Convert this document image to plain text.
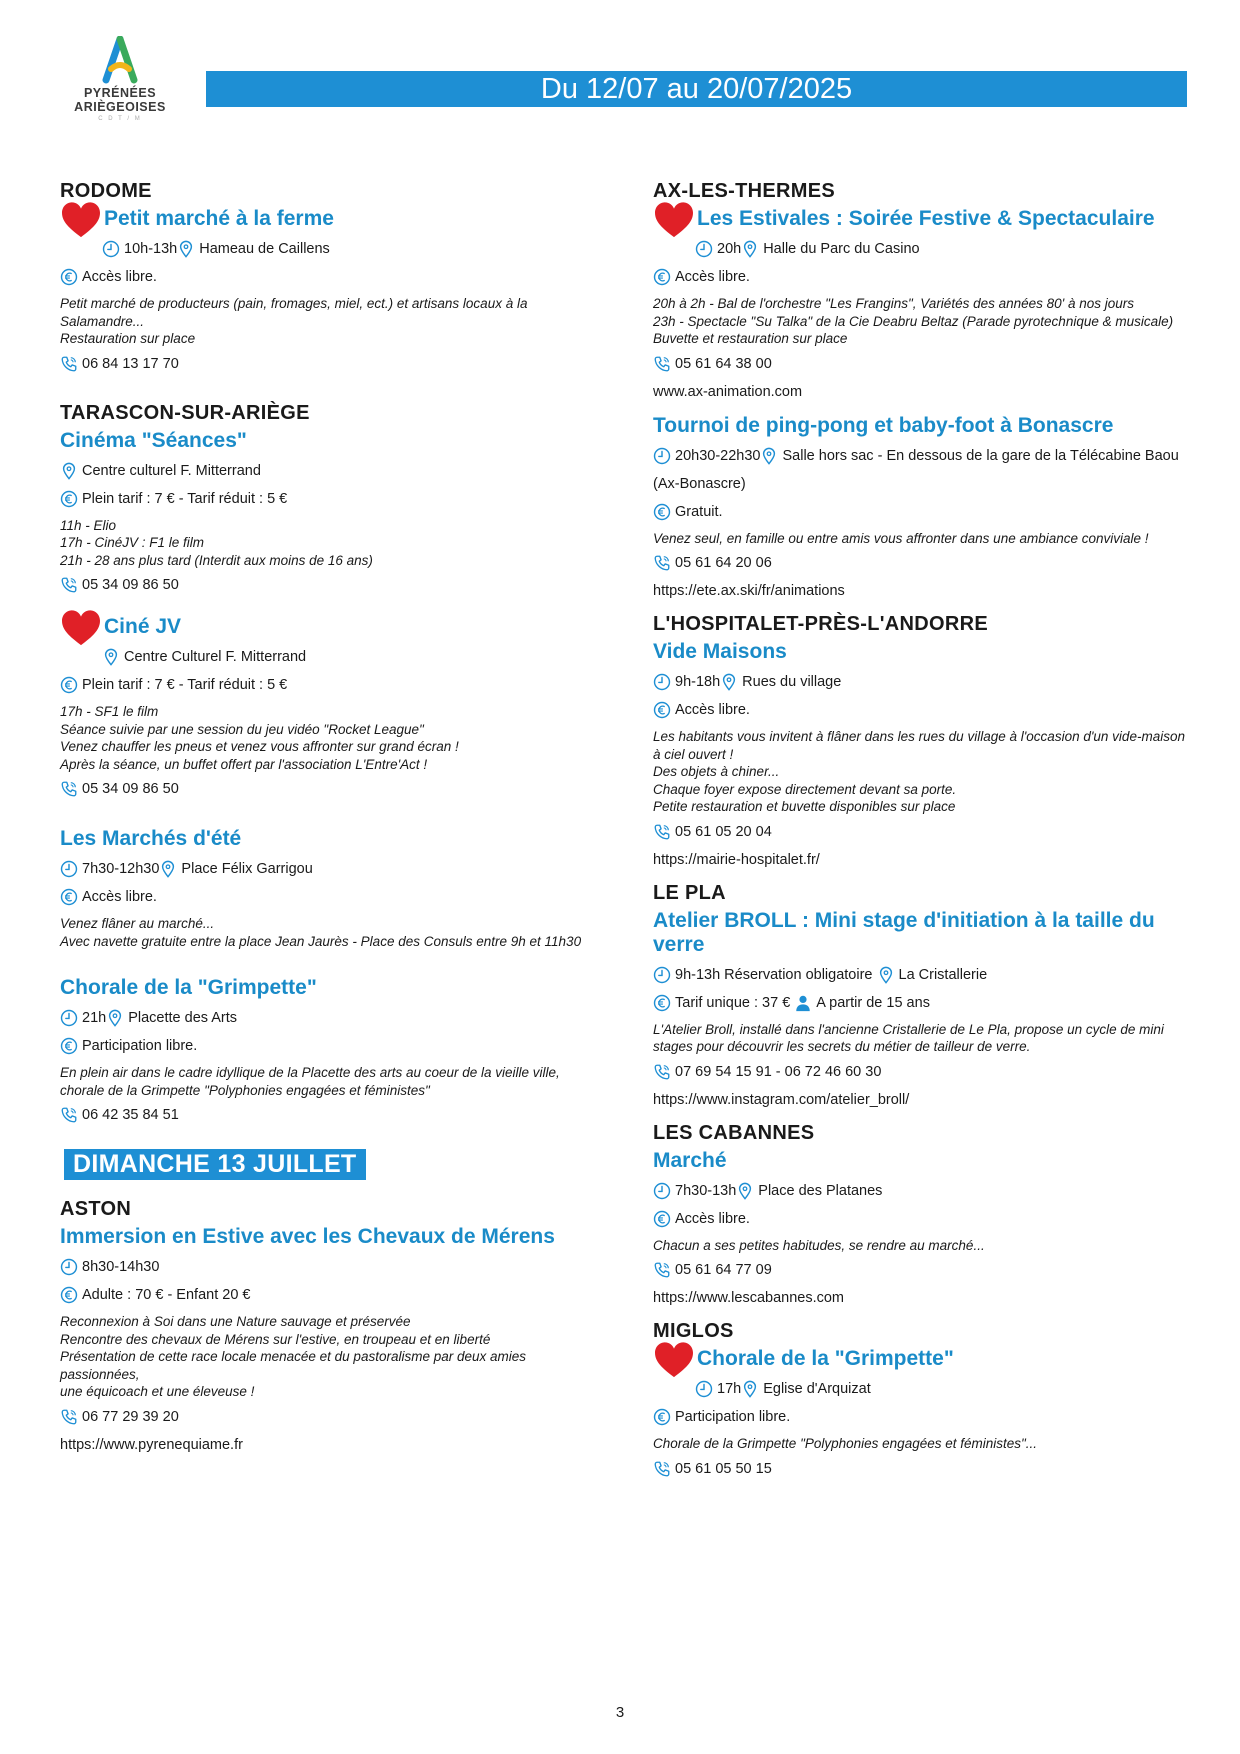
PYRÉNÉES
ARIÈGEOISES
C D T / M
Du 12/07 au 20/07/2025
RODOME
Petit marché à la ferme
10h-13h Hameau de Caillens
Accès libre.
Petit marché de producteurs (pain, fromages, miel, ect.) et artisans locaux à la
Salamandre...
Restauration sur place
06 84 13 17 70
TARASCON-SUR-ARIÈGE
Cinéma "Séances"
Centre culturel F. Mitterrand
Plein tarif : 7 € - Tarif réduit : 5 €
11h - Elio
17h - CinéJV : F1 le film
21h - 28 ans plus tard (Interdit aux moins de 16 ans)
05 34 09 86 50
Ciné JV
Centre Culturel F. Mitterrand
Plein tarif : 7 € - Tarif réduit : 5 €
17h - SF1 le film
Séance suivie par une session du jeu vidéo "Rocket League"
Venez chauffer les pneus et venez vous affronter sur grand écran !
Après la séance, un buffet offert par l'association L'Entre'Act !
05 34 09 86 50
Les Marchés d'été
7h30-12h30 Place Félix Garrigou
Accès libre.
Venez flâner au marché...
Avec navette gratuite entre la place Jean Jaurès - Place des Consuls entre 9h et 11h30
Chorale de la "Grimpette"
21h Placette des Arts
Participation libre.
En plein air dans le cadre idyllique de la Placette des arts au coeur de la vieille ville,
chorale de la Grimpette "Polyphonies engagées et féministes"
06 42 35 84 51
DIMANCHE 13 JUILLET
ASTON
Immersion en Estive avec les Chevaux de Mérens
8h30-14h30
Adulte : 70 € - Enfant 20 €
Reconnexion à Soi dans une Nature sauvage et préservée
Rencontre des chevaux de Mérens sur l'estive, en troupeau et en liberté
Présentation de cette race locale menacée et du pastoralisme par deux amies passionnées,
une équicoach et une éleveuse !
06 77 29 39 20
https://www.pyrenequiame.fr
AX-LES-THERMES
Les Estivales : Soirée Festive & Spectaculaire
20h Halle du Parc du Casino
Accès libre.
20h à 2h - Bal de l'orchestre "Les Frangins", Variétés des années 80' à nos jours
23h - Spectacle "Su Talka" de la Cie Deabru Beltaz (Parade pyrotechnique & musicale)
Buvette et restauration sur place
05 61 64 38 00
www.ax-animation.com
Tournoi de ping-pong et baby-foot à Bonascre
20h30-22h30 Salle hors sac - En dessous de la gare de la Télécabine Baou
(Ax-Bonascre)
Gratuit.
Venez seul, en famille ou entre amis vous affronter dans une ambiance conviviale !
05 61 64 20 06
https://ete.ax.ski/fr/animations
L'HOSPITALET-PRÈS-L'ANDORRE
Vide Maisons
9h-18h Rues du village
Accès libre.
Les habitants vous invitent à flâner dans les rues du village à l'occasion d'un vide-maison
à ciel ouvert !
Des objets à chiner...
Chaque foyer expose directement devant sa porte.
Petite restauration et buvette disponibles sur place
05 61 05 20 04
https://mairie-hospitalet.fr/
LE PLA
Atelier BROLL : Mini stage d'initiation à la taille du verre
9h-13h Réservation obligatoire La Cristallerie
Tarif unique : 37 € A partir de 15 ans
L'Atelier Broll, installé dans l'ancienne Cristallerie de Le Pla, propose un cycle de mini
stages pour découvrir les secrets du métier de tailleur de verre.
07 69 54 15 91 - 06 72 46 60 30
https://www.instagram.com/atelier_broll/
LES CABANNES
Marché
7h30-13h Place des Platanes
Accès libre.
Chacun a ses petites habitudes, se rendre au marché...
05 61 64 77 09
https://www.lescabannes.com
MIGLOS
Chorale de la "Grimpette"
17h Eglise d'Arquizat
Participation libre.
Chorale de la Grimpette "Polyphonies engagées et féministes"...
05 61 05 50 15
3
